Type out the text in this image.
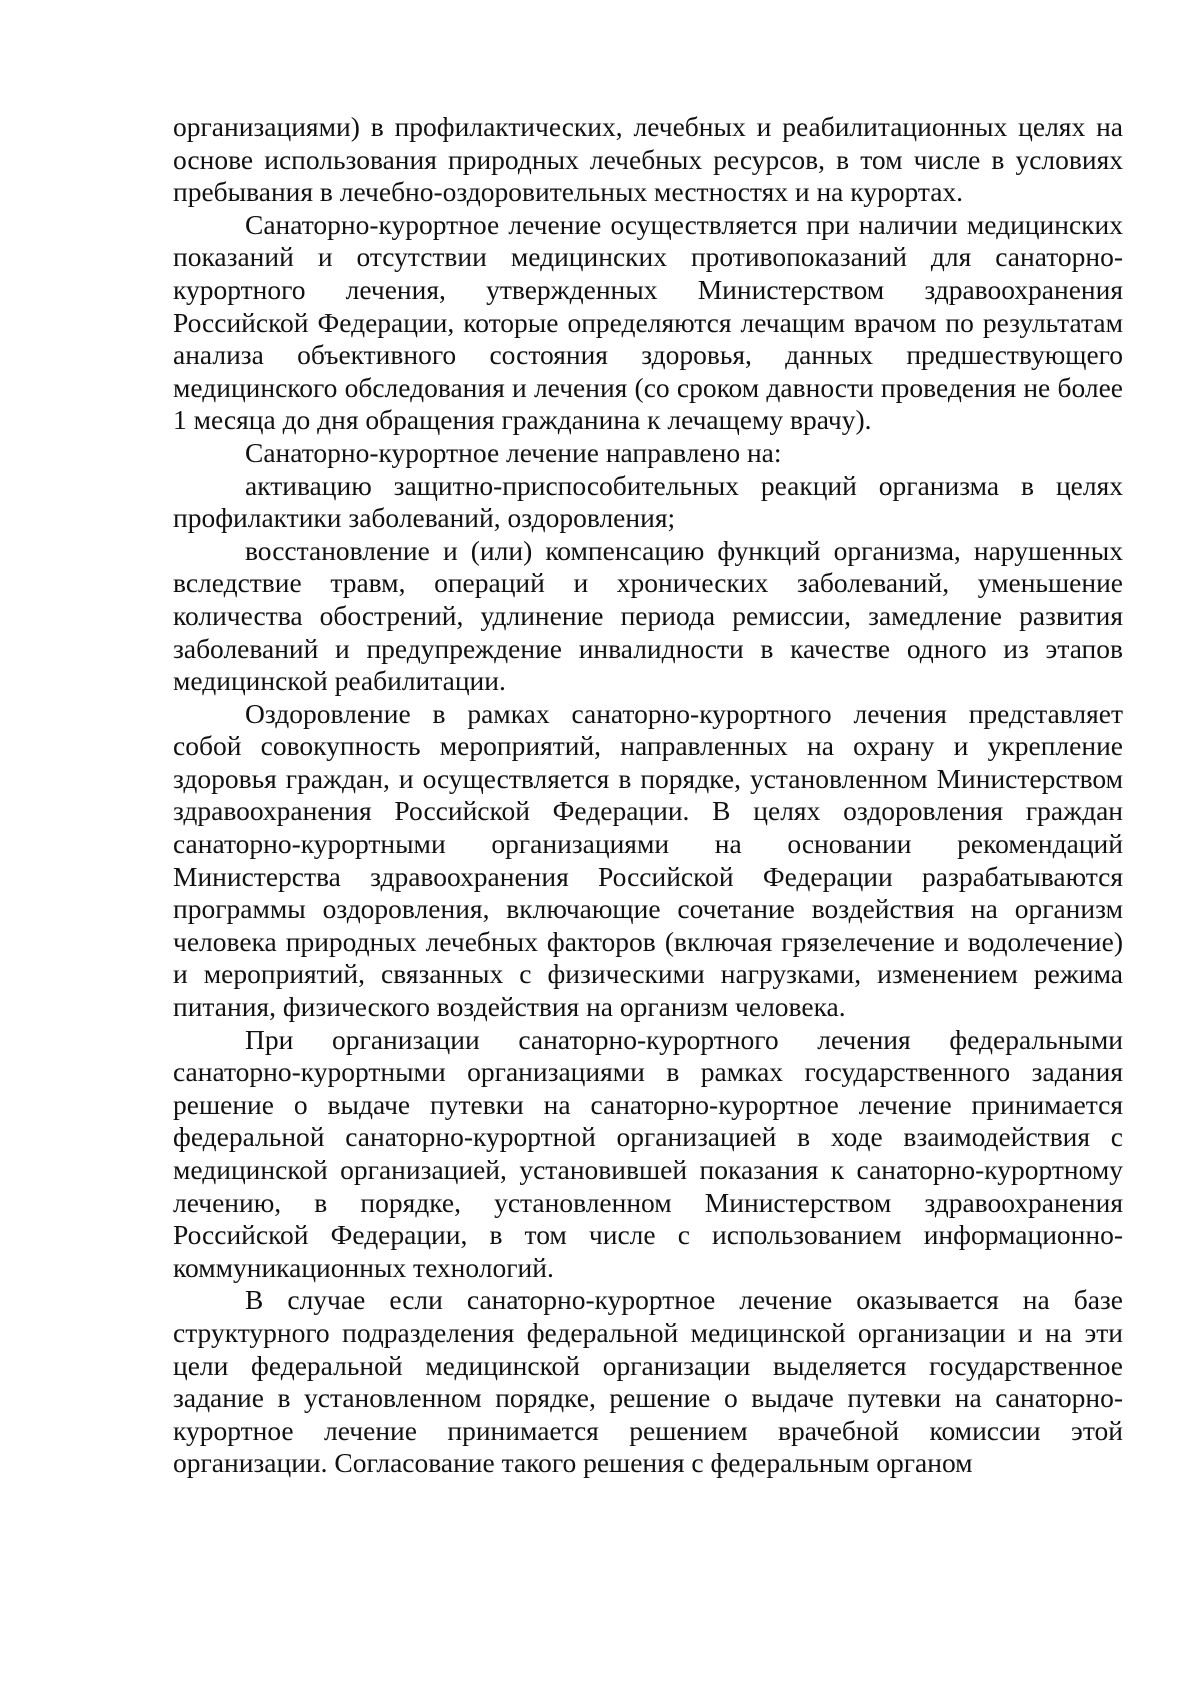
организациями) в профилактических, лечебных и реабилитационных целях на основе использования природных лечебных ресурсов, в том числе в условиях пребывания в лечебно-оздоровительных местностях и на курортах.

Санаторно-курортное лечение осуществляется при наличии медицинских показаний и отсутствии медицинских противопоказаний для санаторно-курортного лечения, утвержденных Министерством здравоохранения Российской Федерации, которые определяются лечащим врачом по результатам анализа объективного состояния здоровья, данных предшествующего медицинского обследования и лечения (со сроком давности проведения не более 1 месяца до дня обращения гражданина к лечащему врачу).

Санаторно-курортное лечение направлено на:

активацию защитно-приспособительных реакций организма в целях профилактики заболеваний, оздоровления;

восстановление и (или) компенсацию функций организма, нарушенных вследствие травм, операций и хронических заболеваний, уменьшение количества обострений, удлинение периода ремиссии, замедление развития заболеваний и предупреждение инвалидности в качестве одного из этапов медицинской реабилитации.

Оздоровление в рамках санаторно-курортного лечения представляет собой совокупность мероприятий, направленных на охрану и укрепление здоровья граждан, и осуществляется в порядке, установленном Министерством здравоохранения Российской Федерации. В целях оздоровления граждан санаторно-курортными организациями на основании рекомендаций Министерства здравоохранения Российской Федерации разрабатываются программы оздоровления, включающие сочетание воздействия на организм человека природных лечебных факторов (включая грязелечение и водолечение) и мероприятий, связанных с физическими нагрузками, изменением режима питания, физического воздействия на организм человека.

При организации санаторно-курортного лечения федеральными санаторно-курортными организациями в рамках государственного задания решение о выдаче путевки на санаторно-курортное лечение принимается федеральной санаторно-курортной организацией в ходе взаимодействия с медицинской организацией, установившей показания к санаторно-курортному лечению, в порядке, установленном Министерством здравоохранения Российской Федерации, в том числе с использованием информационно-коммуникационных технологий.

В случае если санаторно-курортное лечение оказывается на базе структурного подразделения федеральной медицинской организации и на эти цели федеральной медицинской организации выделяется государственное задание в установленном порядке, решение о выдаче путевки на санаторно-курортное лечение принимается решением врачебной комиссии этой организации. Согласование такого решения с федеральным органом
